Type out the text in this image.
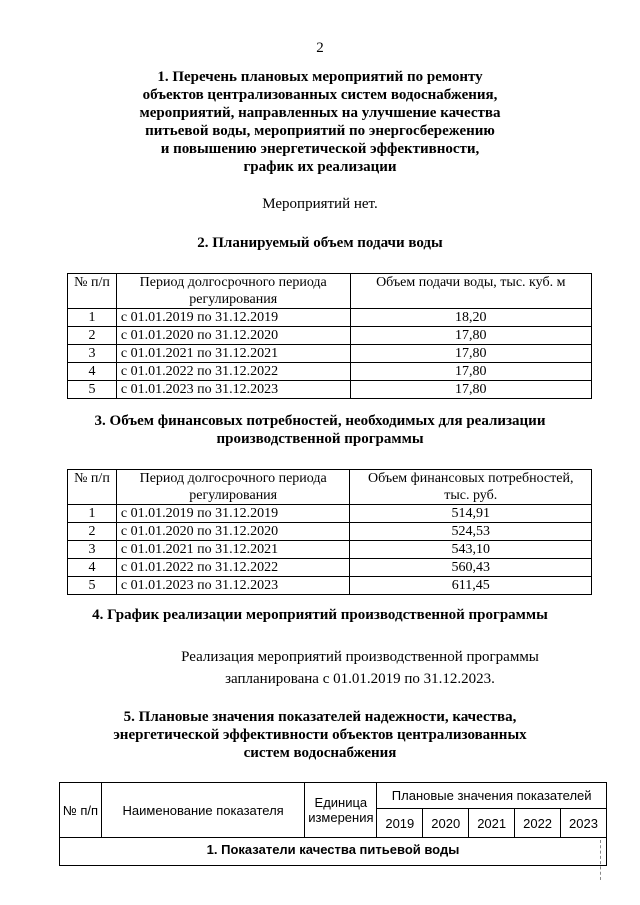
2
1. Перечень плановых мероприятий по ремонту
объектов централизованных систем водоснабжения,
мероприятий, направленных на улучшение качества
питьевой воды, мероприятий по энергосбережению
и повышению энергетической эффективности,
график их реализации
Мероприятий нет.
2. Планируемый объем подачи воды
№ п/п	Период долгосрочного периода регулирования	Объем подачи воды, тыс. куб. м
1	с 01.01.2019 по 31.12.2019	18,20
2	с 01.01.2020 по 31.12.2020	17,80
3	с 01.01.2021 по 31.12.2021	17,80
4	с 01.01.2022 по 31.12.2022	17,80
5	с 01.01.2023 по 31.12.2023	17,80
3. Объем финансовых потребностей, необходимых для реализации
производственной программы
№ п/п	Период долгосрочного периода регулирования	Объем финансовых потребностей, тыс. руб.
1	с 01.01.2019 по 31.12.2019	514,91
2	с 01.01.2020 по 31.12.2020	524,53
3	с 01.01.2021 по 31.12.2021	543,10
4	с 01.01.2022 по 31.12.2022	560,43
5	с 01.01.2023 по 31.12.2023	611,45
4. График реализации мероприятий производственной программы
Реализация мероприятий производственной программы
запланирована с 01.01.2019 по 31.12.2023.
5. Плановые значения показателей надежности, качества,
энергетической эффективности объектов централизованных
систем водоснабжения
№ п/п	Наименование показателя	Единица измерения	Плановые значения показателей				
			2019	2020	2021	2022	2023
1. Показатели качества питьевой воды							
